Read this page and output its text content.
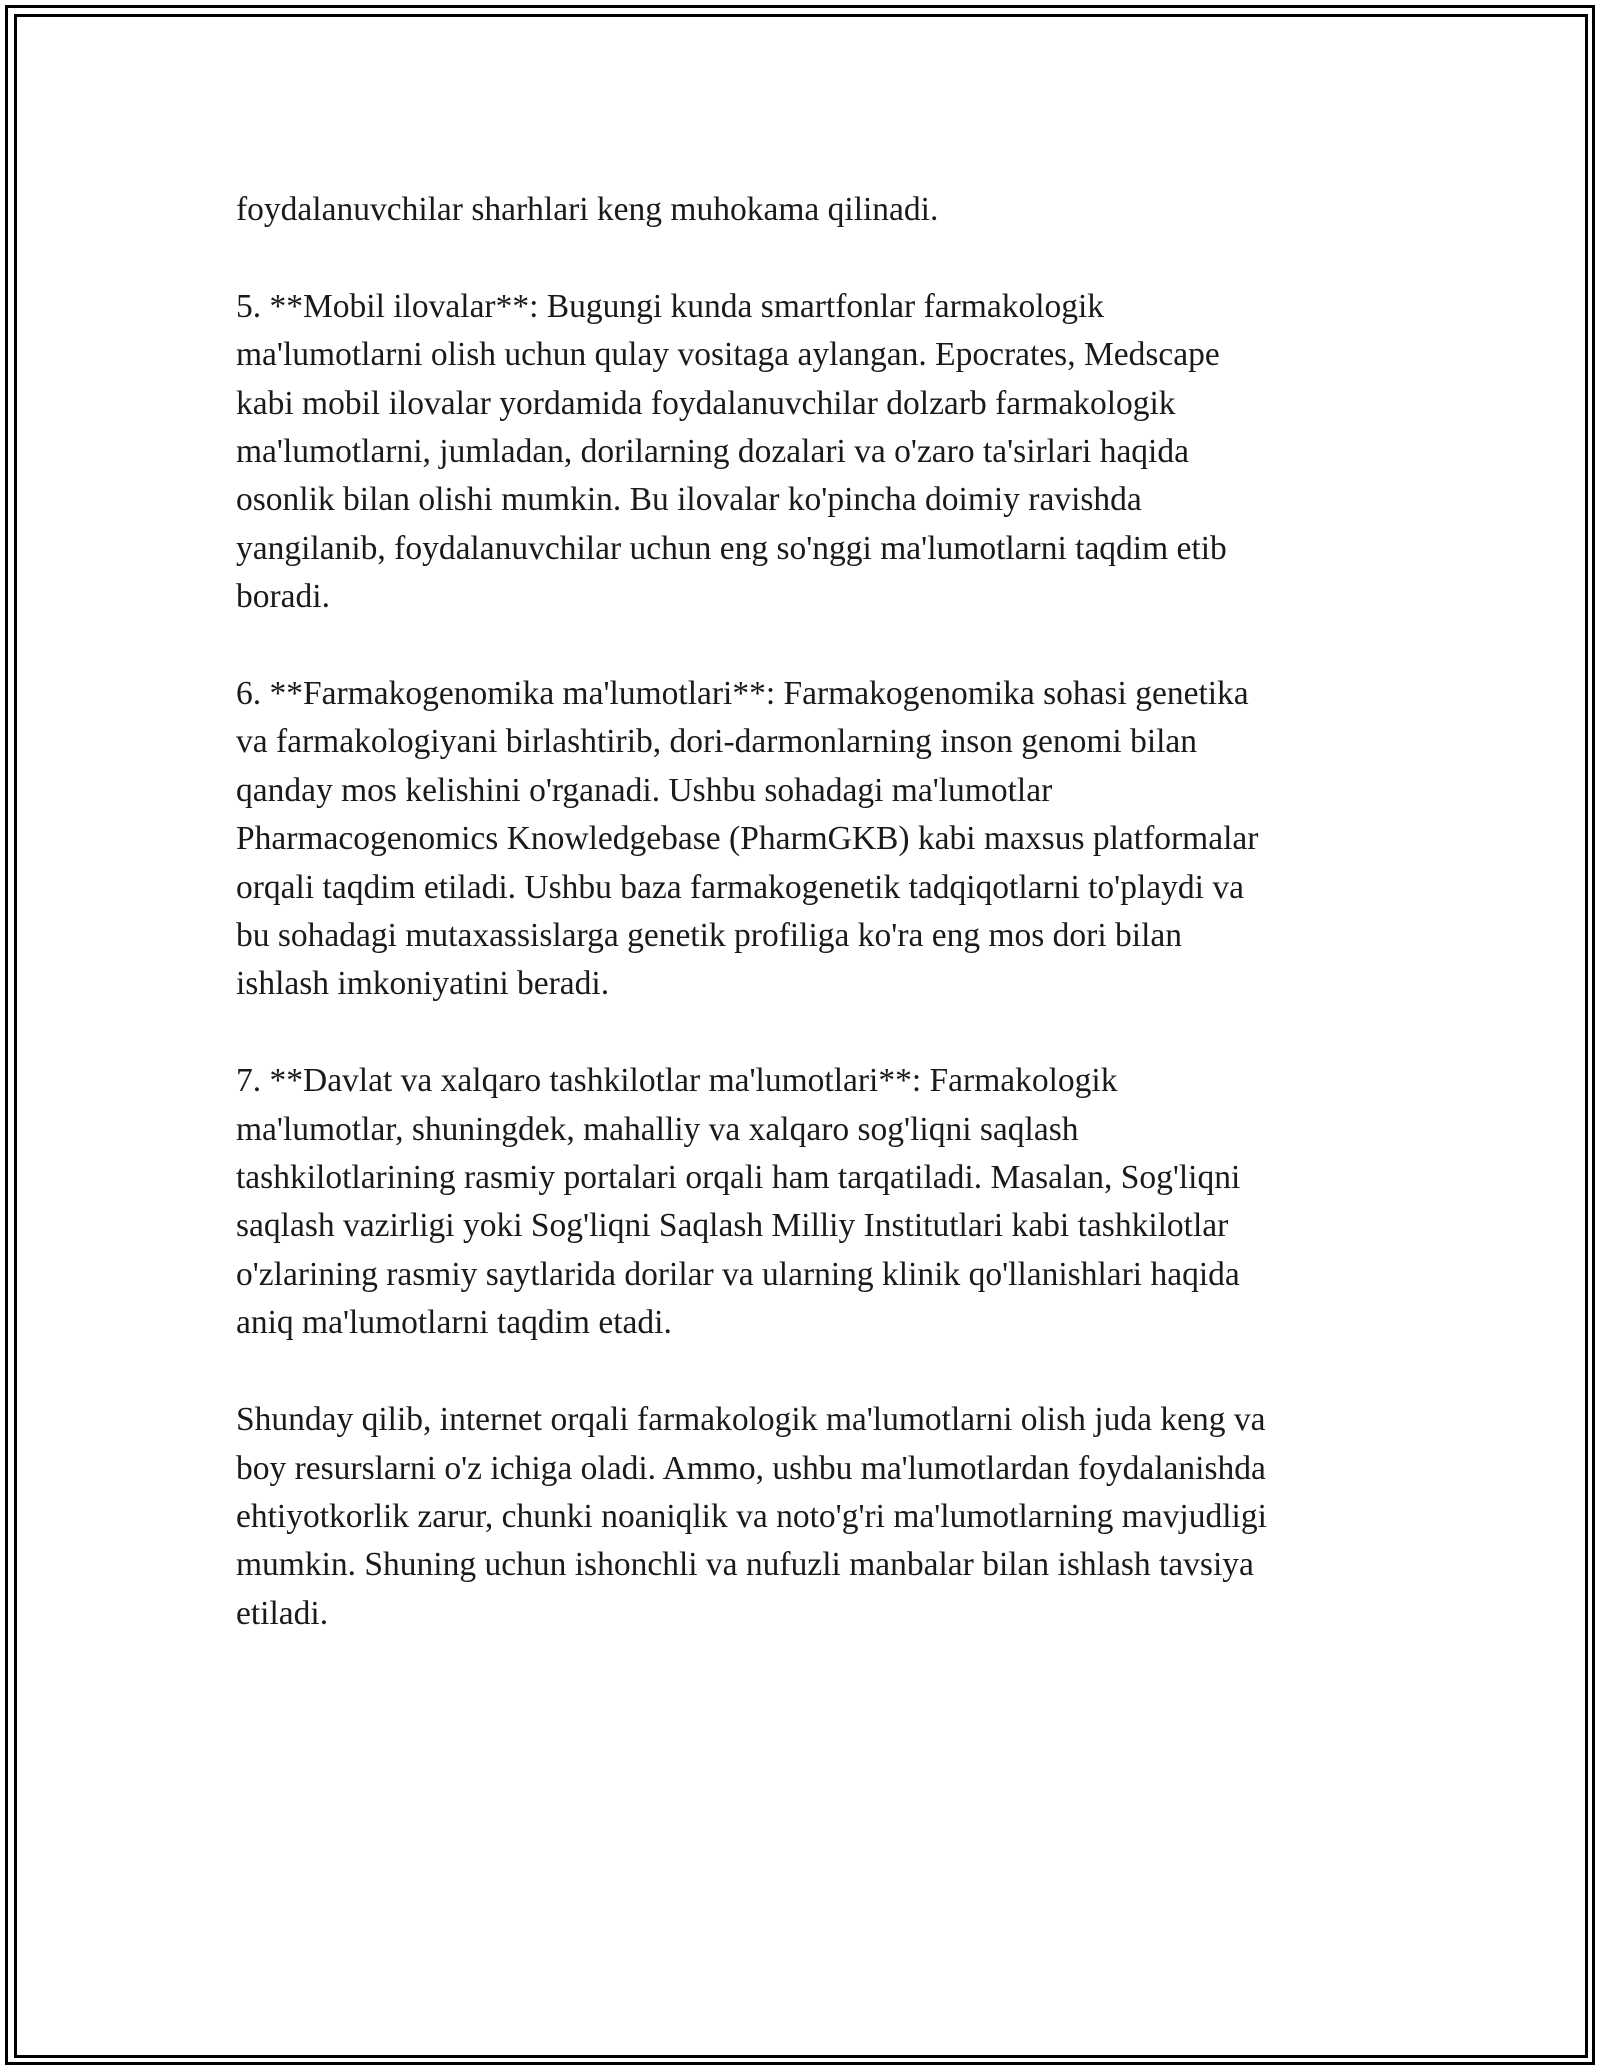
foydalanuvchilar sharhlari keng muhokama qilinadi.
5. **Mobil ilovalar**: Bugungi kunda smartfonlar farmakologik
ma'lumotlarni olish uchun qulay vositaga aylangan. Epocrates, Medscape
kabi mobil ilovalar yordamida foydalanuvchilar dolzarb farmakologik
ma'lumotlarni, jumladan, dorilarning dozalari va o'zaro ta'sirlari haqida
osonlik bilan olishi mumkin. Bu ilovalar ko'pincha doimiy ravishda
yangilanib, foydalanuvchilar uchun eng so'nggi ma'lumotlarni taqdim etib
boradi.
6. **Farmakogenomika ma'lumotlari**: Farmakogenomika sohasi genetika
va farmakologiyani birlashtirib, dori-darmonlarning inson genomi bilan
qanday mos kelishini o'rganadi. Ushbu sohadagi ma'lumotlar
Pharmacogenomics Knowledgebase (PharmGKB) kabi maxsus platformalar
orqali taqdim etiladi. Ushbu baza farmakogenetik tadqiqotlarni to'playdi va
bu sohadagi mutaxassislarga genetik profiliga ko'ra eng mos dori bilan
ishlash imkoniyatini beradi.
7. **Davlat va xalqaro tashkilotlar ma'lumotlari**: Farmakologik
ma'lumotlar, shuningdek, mahalliy va xalqaro sog'liqni saqlash
tashkilotlarining rasmiy portalari orqali ham tarqatiladi. Masalan, Sog'liqni
saqlash vazirligi yoki Sog'liqni Saqlash Milliy Institutlari kabi tashkilotlar
o'zlarining rasmiy saytlarida dorilar va ularning klinik qo'llanishlari haqida
aniq ma'lumotlarni taqdim etadi.
Shunday qilib, internet orqali farmakologik ma'lumotlarni olish juda keng va
boy resurslarni o'z ichiga oladi. Ammo, ushbu ma'lumotlardan foydalanishda
ehtiyotkorlik zarur, chunki noaniqlik va noto'g'ri ma'lumotlarning mavjudligi
mumkin. Shuning uchun ishonchli va nufuzli manbalar bilan ishlash tavsiya
etiladi.
